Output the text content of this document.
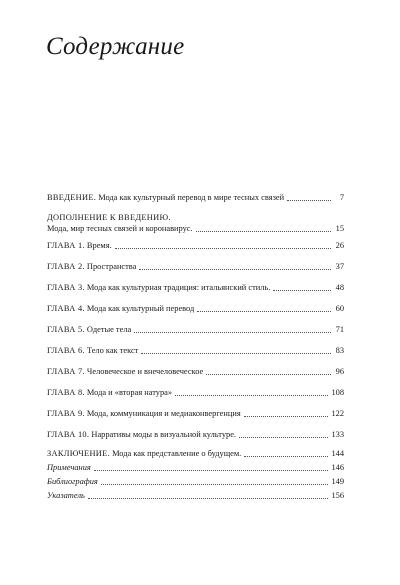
Содержание
ВВЕДЕНИЕ. Мода как культурный перевод в мире тесных связей	7
ДОПОЛНЕНИЕ К ВВЕДЕНИЮ.
Мода, мир тесных связей и коронавирус.	15
ГЛАВА 1. Время.	26
ГЛАВА 2. Пространства	37
ГЛАВА 3. Мода как культурная традиция: итальянский стиль.	48
ГЛАВА 4. Мода как культурный перевод	60
ГЛАВА 5. Одетые тела	71
ГЛАВА 6. Тело как текст	83
ГЛАВА 7. Человеческое и внечеловеческое	96
ГЛАВА 8. Мода и «вторая натура»	108
ГЛАВА 9. Мода, коммуникация и медиаконвергенция	122
ГЛАВА 10. Нарративы моды в визуальной культуре.	133
ЗАКЛЮЧЕНИЕ. Мода как представление о будущем.	144
Примечания	146
Библиография	149
Указатель	156
